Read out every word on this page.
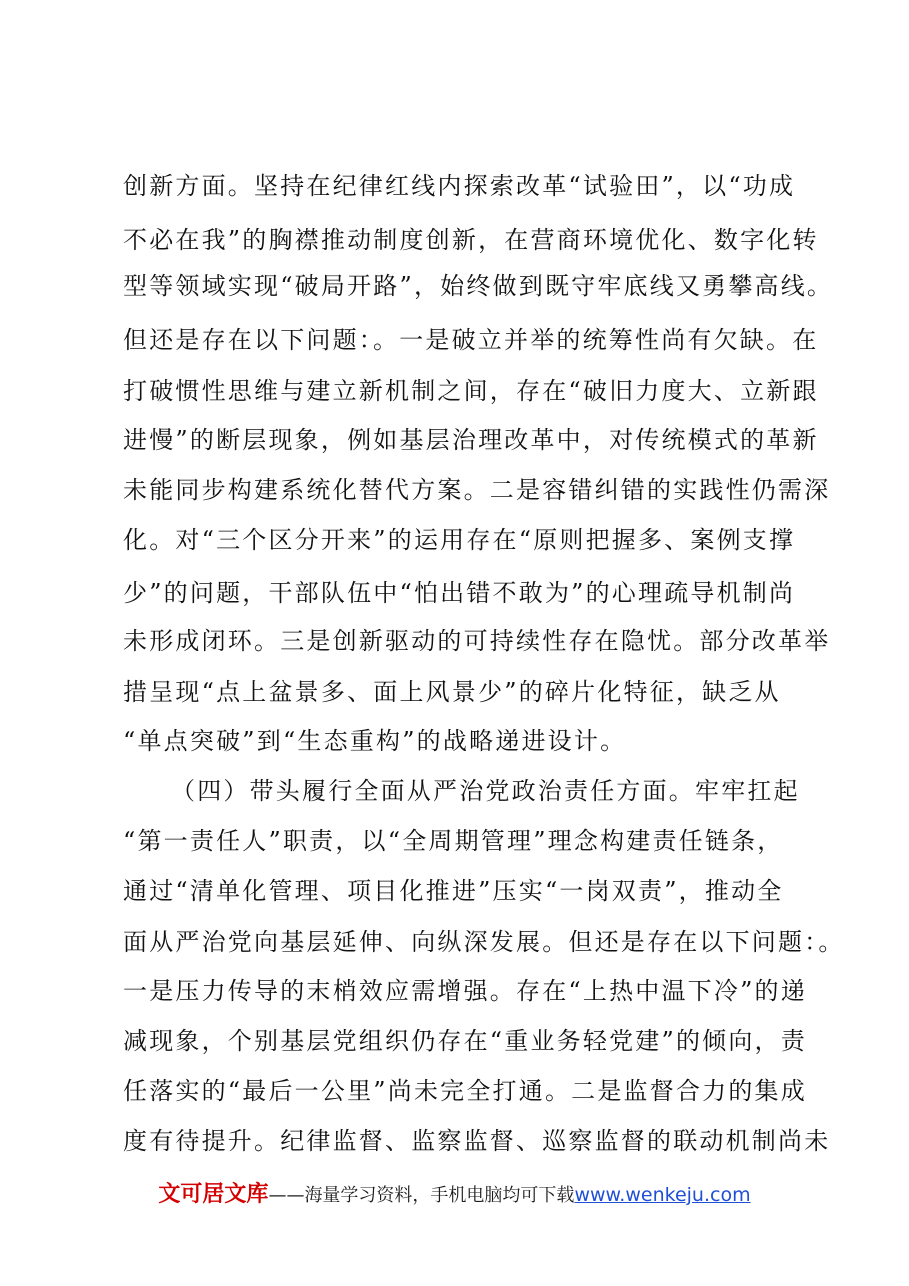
创新方面。坚持在纪律红线内探索改革“试验田”，以“功成
不必在我”的胸襟推动制度创新，在营商环境优化、数字化转
型等领域实现“破局开路”，始终做到既守牢底线又勇攀高线。
但还是存在以下问题：。一是破立并举的统筹性尚有欠缺。在
打破惯性思维与建立新机制之间，存在“破旧力度大、立新跟
进慢”的断层现象，例如基层治理改革中，对传统模式的革新
未能同步构建系统化替代方案。二是容错纠错的实践性仍需深
化。对“三个区分开来”的运用存在“原则把握多、案例支撑
少”的问题，干部队伍中“怕出错不敢为”的心理疏导机制尚
未形成闭环。三是创新驱动的可持续性存在隐忧。部分改革举
措呈现“点上盆景多、面上风景少”的碎片化特征，缺乏从
“单点突破”到“生态重构”的战略递进设计。
（四）带头履行全面从严治党政治责任方面。牢牢扛起
“第一责任人”职责，以“全周期管理”理念构建责任链条，
通过“清单化管理、项目化推进”压实“一岗双责”，推动全
面从严治党向基层延伸、向纵深发展。但还是存在以下问题：。
一是压力传导的末梢效应需增强。存在“上热中温下冷”的递
减现象，个别基层党组织仍存在“重业务轻党建”的倾向，责
任落实的“最后一公里”尚未完全打通。二是监督合力的集成
度有待提升。纪律监督、监察监督、巡察监督的联动机制尚未
文可居文库——海量学习资料，手机电脑均可下载www.wenkeju.com
